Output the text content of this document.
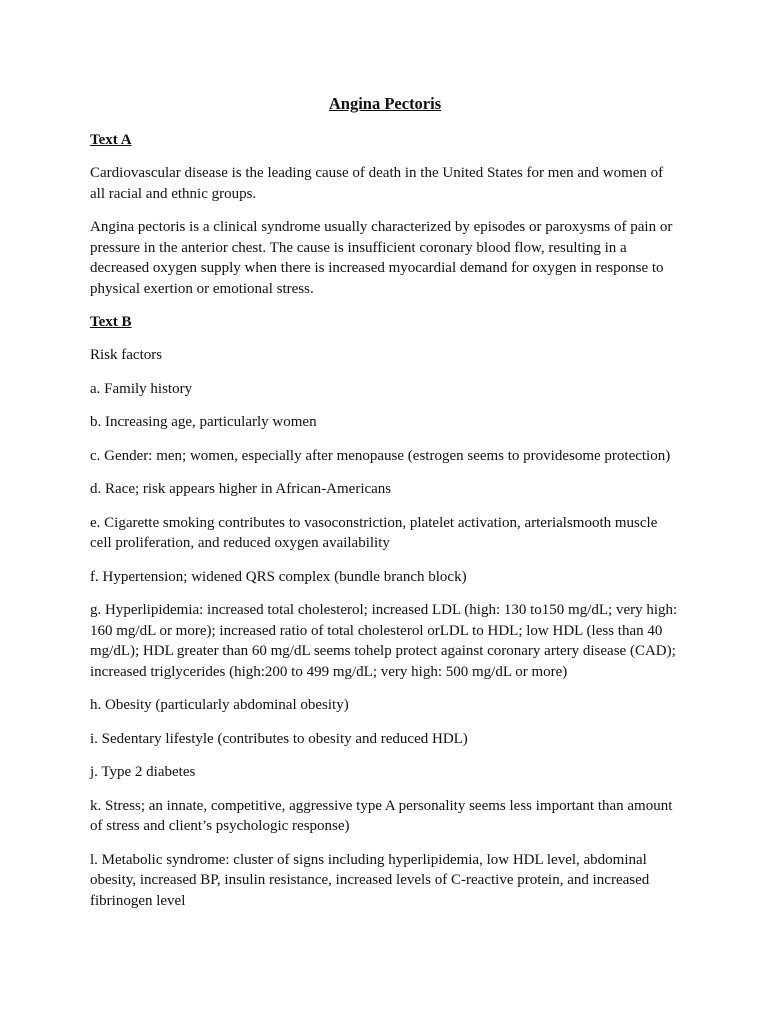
Angina Pectoris
Text A

Cardiovascular disease is the leading cause of death in the United States for men and women of all racial and ethnic groups.

Angina pectoris is a clinical syndrome usually characterized by episodes or paroxysms of pain or pressure in the anterior chest. The cause is insufficient coronary blood flow, resulting in a decreased oxygen supply when there is increased myocardial demand for oxygen in response to physical exertion or emotional stress.

Text B

Risk factors

a. Family history

b. Increasing age, particularly women

c. Gender: men; women, especially after menopause (estrogen seems to providesome protection)

d. Race; risk appears higher in African-Americans

e. Cigarette smoking contributes to vasoconstriction, platelet activation, arterialsmooth muscle cell proliferation, and reduced oxygen availability

f. Hypertension; widened QRS complex (bundle branch block)

g. Hyperlipidemia: increased total cholesterol; increased LDL (high: 130 to150 mg/dL; very high: 160 mg/dL or more); increased ratio of total cholesterol orLDL to HDL; low HDL (less than 40 mg/dL); HDL greater than 60 mg/dL seems tohelp protect against coronary artery disease (CAD); increased triglycerides (high:200 to 499 mg/dL; very high: 500 mg/dL or more)

h. Obesity (particularly abdominal obesity)

i. Sedentary lifestyle (contributes to obesity and reduced HDL)

j. Type 2 diabetes

k. Stress; an innate, competitive, aggressive type A personality seems less important than amount of stress and client’s psychologic response)

l. Metabolic syndrome: cluster of signs including hyperlipidemia, low HDL level, abdominal obesity, increased BP, insulin resistance, increased levels of C-reactive protein, and increased fibrinogen level
